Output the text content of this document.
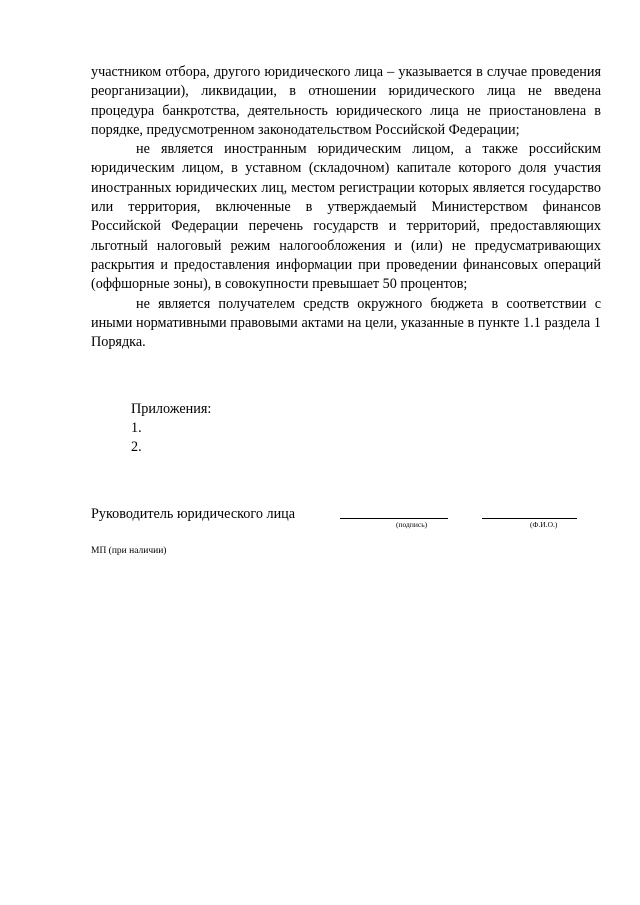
участником отбора, другого юридического лица – указывается в случае проведения реорганизации), ликвидации, в отношении юридического лица не введена процедура банкротства, деятельность юридического лица не приостановлена в порядке, предусмотренном законодательством Российской Федерации;

не является иностранным юридическим лицом, а также российским юридическим лицом, в уставном (складочном) капитале которого доля участия иностранных юридических лиц, местом регистрации которых является государство или территория, включенные в утверждаемый Министерством финансов Российской Федерации перечень государств и территорий, предоставляющих льготный налоговый режим налогообложения и (или) не предусматривающих раскрытия и предоставления информации при проведении финансовых операций (оффшорные зоны), в совокупности превышает 50 процентов;

не является получателем средств окружного бюджета в соответствии с иными нормативными правовыми актами на цели, указанные в пункте 1.1 раздела 1 Порядка.

Приложения:
1.
2.
Руководитель юридического лица
(подпись)	(Ф.И.О.)
МП (при наличии)
